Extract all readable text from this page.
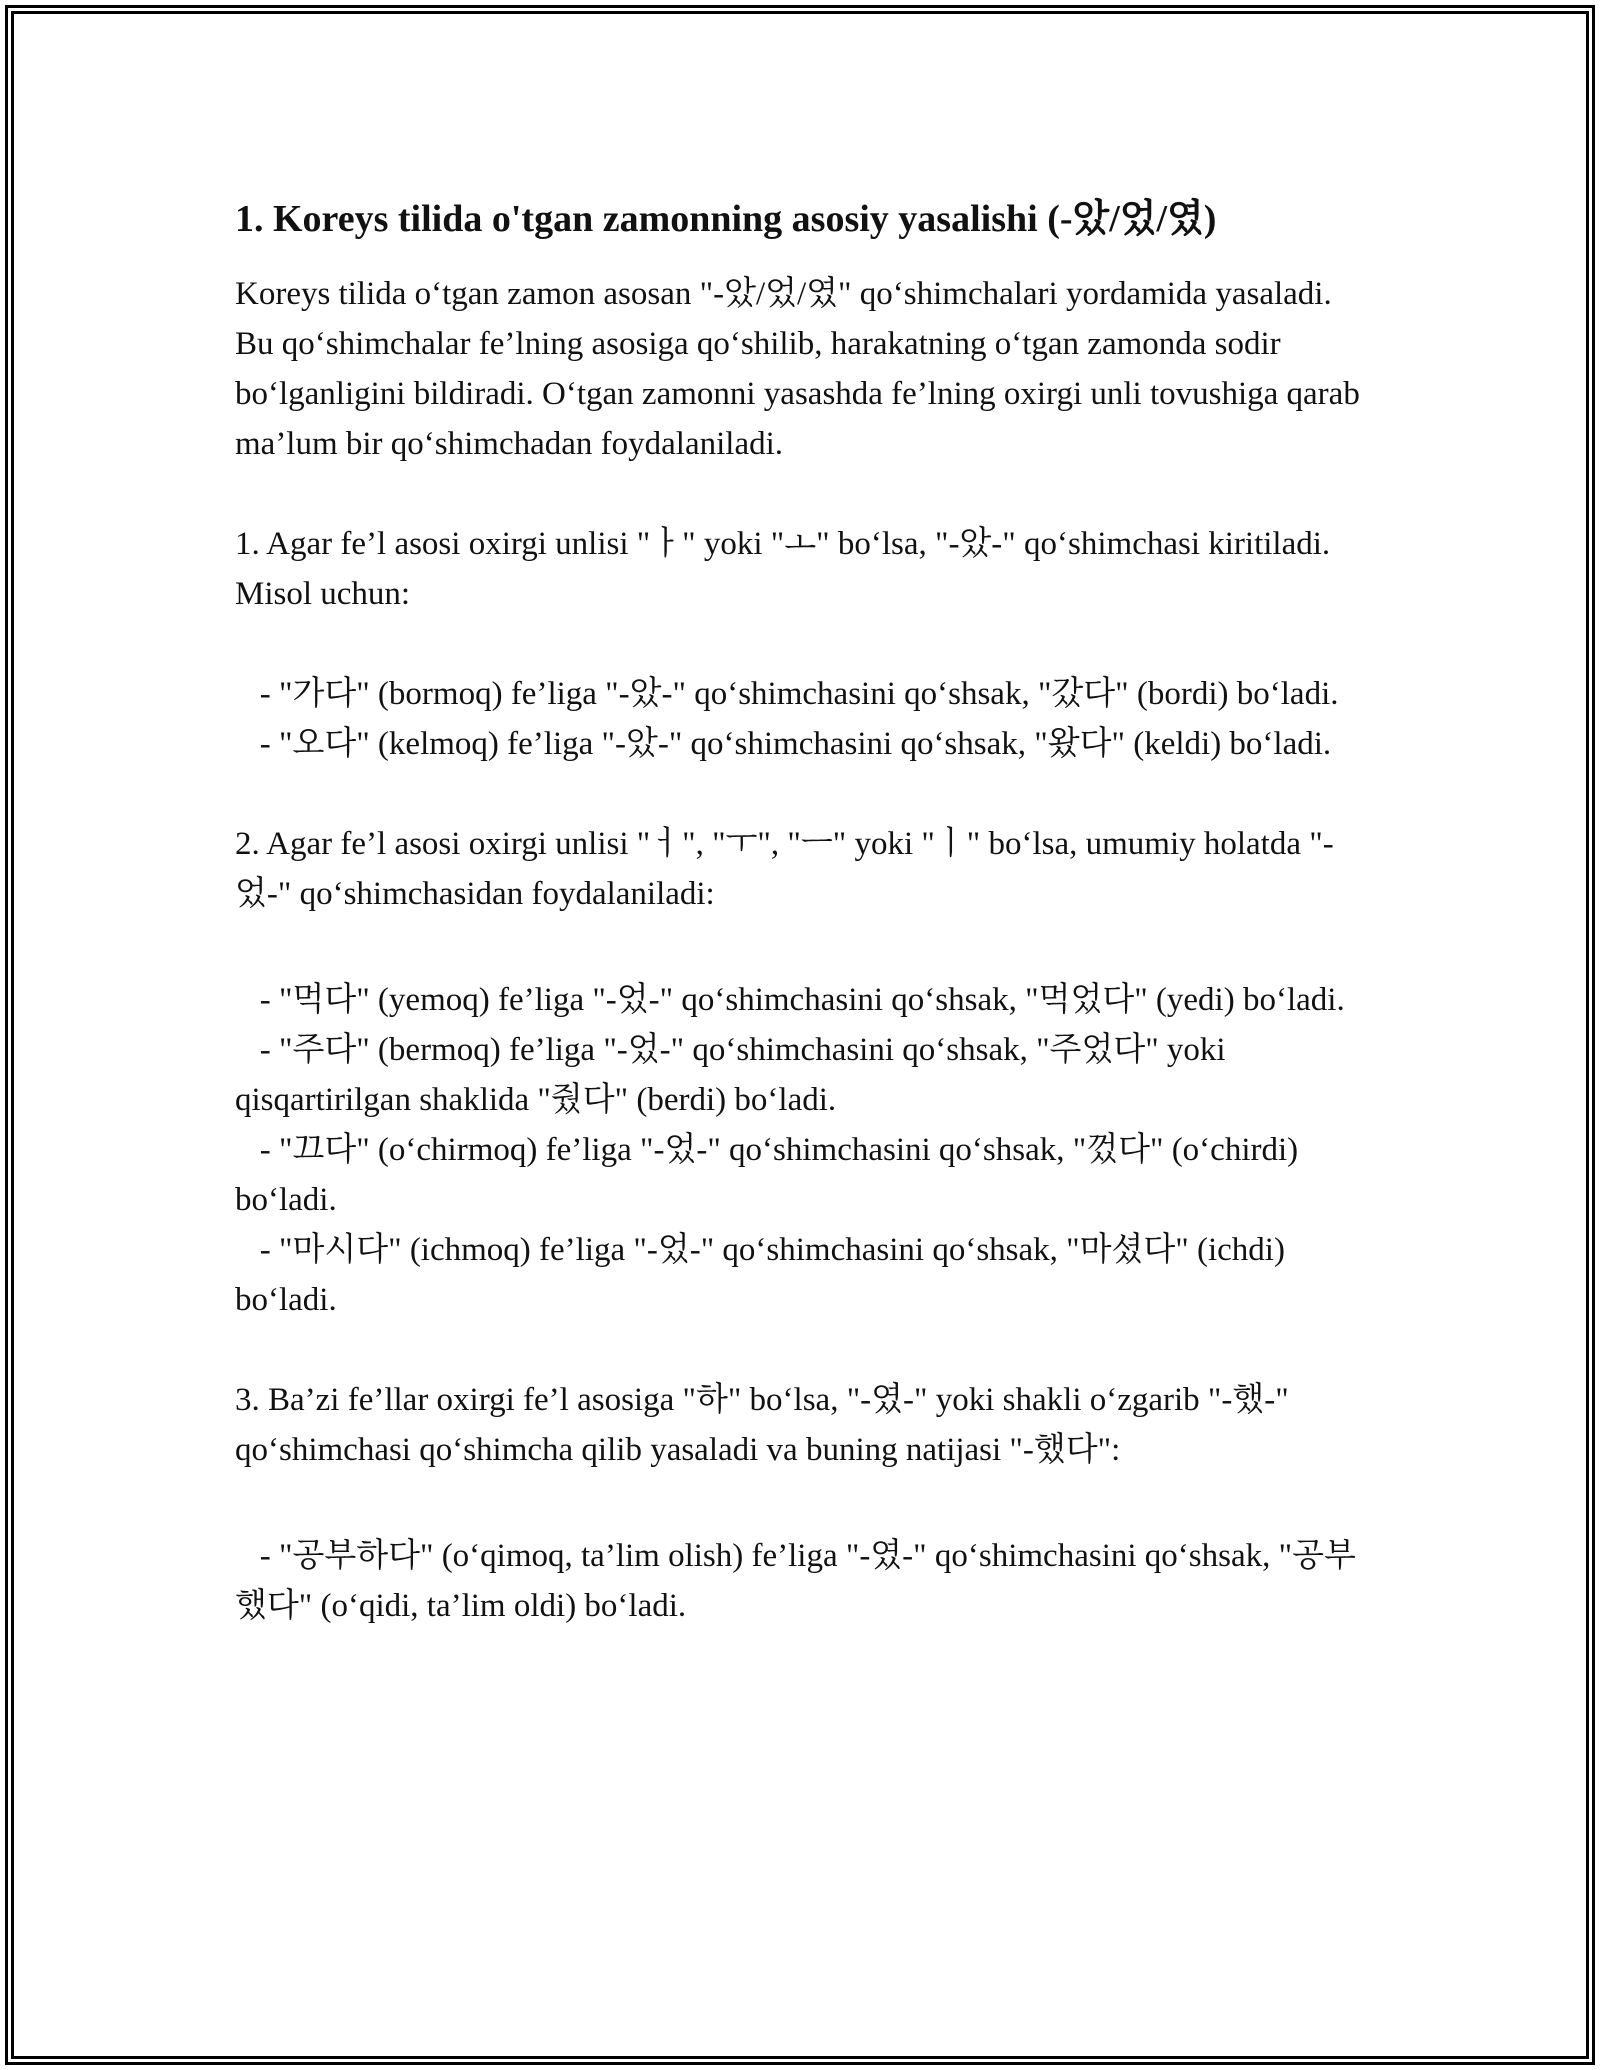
1. Koreys tilida o'tgan zamonning asosiy yasalishi (-았/었/였)

Koreys tilida o‘tgan zamon asosan "-았/었/였" qo‘shimchalari yordamida yasaladi. Bu qo‘shimchalar fe’lning asosiga qo‘shilib, harakatning o‘tgan zamonda sodir bo‘lganligini bildiradi. O‘tgan zamonni yasashda fe’lning oxirgi unli tovushiga qarab ma’lum bir qo‘shimchadan foydalaniladi.

1. Agar fe’l asosi oxirgi unlisi "ㅏ" yoki "ㅗ" bo‘lsa, "-았-" qo‘shimchasi kiritiladi. Misol uchun:

- "가다" (bormoq) fe’liga "-았-" qo‘shimchasini qo‘shsak, "갔다" (bordi) bo‘ladi.

- "오다" (kelmoq) fe’liga "-았-" qo‘shimchasini qo‘shsak, "왔다" (keldi) bo‘ladi.

2. Agar fe’l asosi oxirgi unlisi "ㅓ", "ㅜ", "ㅡ" yoki "ㅣ" bo‘lsa, umumiy holatda "-었-" qo‘shimchasidan foydalaniladi:

- "먹다" (yemoq) fe’liga "-었-" qo‘shimchasini qo‘shsak, "먹었다" (yedi) bo‘ladi.

- "주다" (bermoq) fe’liga "-었-" qo‘shimchasini qo‘shsak, "주었다" yoki qisqartirilgan shaklida "줬다" (berdi) bo‘ladi.

- "끄다" (o‘chirmoq) fe’liga "-었-" qo‘shimchasini qo‘shsak, "껐다" (o‘chirdi) bo‘ladi.

- "마시다" (ichmoq) fe’liga "-었-" qo‘shimchasini qo‘shsak, "마셨다" (ichdi) bo‘ladi.

3. Ba’zi fe’llar oxirgi fe’l asosiga "하" bo‘lsa, "-였-" yoki shakli o‘zgarib "-했-" qo‘shimchasi qo‘shimcha qilib yasaladi va buning natijasi "-했다":

- "공부하다" (o‘qimoq, ta’lim olish) fe’liga "-였-" qo‘shimchasini qo‘shsak, "공부했다" (o‘qidi, ta’lim oldi) bo‘ladi.
